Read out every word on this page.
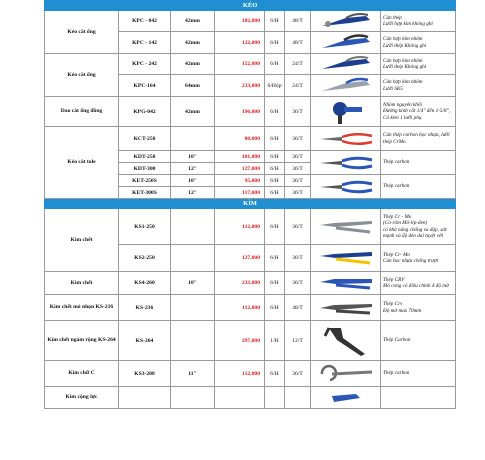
KÉO							
Kéo cắt ống	KPC - 042	42mm	102,000	6/H	48/T		Cán thép
Lưỡi hợp kim không ghỉ
	KPC - 142	42mm	122,000	6/H	48/T		Cán hợp kim nhôm
Lưỡi thép Không ghỉ
Kéo cắt ống	KPC - 242	42mm	152,000	6/H	24/T		Cán hợp kim nhôm
Lưỡi thép Không ghỉ
	KPC-164	64mm	233,000	6/Hộp	24/T		Cán hợp kim nhôm
Lưỡi SK5
Dao cắt ống đồng	KPG-042	42mm	196,000	6/H	36/T		Nhôm nguyên khối
Đường kính cắt 1/4" đến 1-5/8", Có kèm 1 lưỡi phụ
Kéo cắt tole	KCT-250		80,000	6/H	36/T		Cán thép carbon bọc nhựa, lưỡi thép CrMo
	KDT-250	10"	101,000	6/H	36/T		Thép carbon
	KDT-300	12"	127,000	6/H	36/T		
	KET-250S	10"	95,000	6/H	36/T		Thép carbon
	KET-300S	12"	117,000	6/H	36/T		
KÌM							
Kìm chết	KS1-250		112,000	6/H	36/T		Thép Cr - Mo
(Có-rôm Mô-líp-đen)
có khả năng chống va đập, sức mạnh và độ dẻo dai tuyệt vời
	KS2-250		127,000	6/H	36/T		Thép Cr- Mo
Cán bọc nhựa chống trượt
Kìm chết	KS4-260	10"	233,000	6/H	36/T		Thép CRV
Mỏ cong có điều chỉnh 4 độ mở
Kìm chết mỏ nhọn KS-216	KS-216		112,000	6/H	48/T		Thép Crv
Độ mở max 70mm
Kìm chết ngàm rộng KS-264	KS-264		297,000	1/H	12/T		Thép Carbon
Kìm chữ C	KS3-208	11"	112,000	6/H	36/T		Thép carbon
Kìm cộng lực						
